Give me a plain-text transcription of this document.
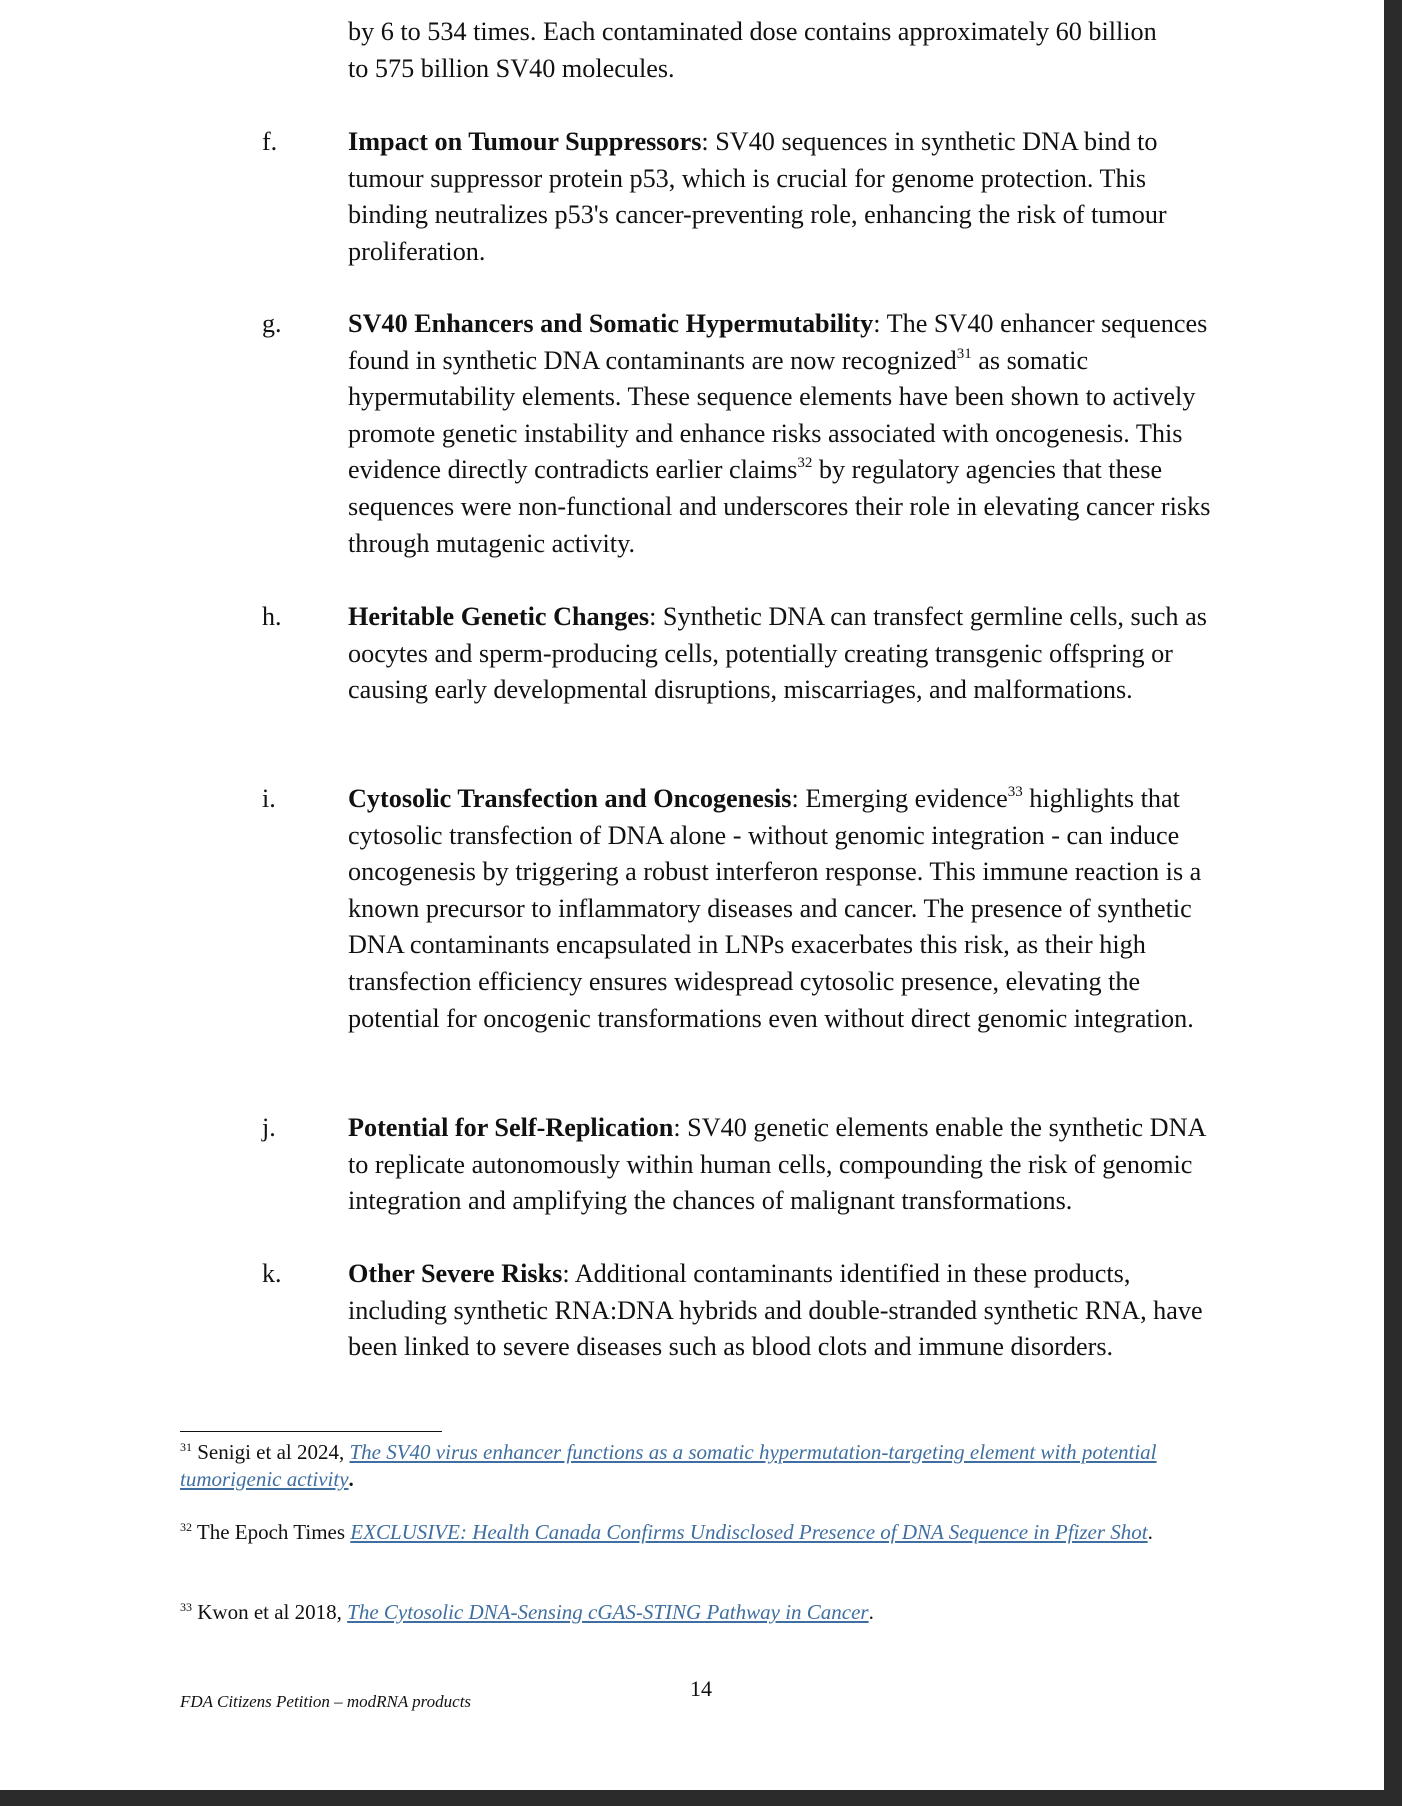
by 6 to 534 times. Each contaminated dose contains approximately 60 billion
to 575 billion SV40 molecules.
f.	Impact on Tumour Suppressors: SV40 sequences in synthetic DNA bind to tumour suppressor protein p53, which is crucial for genome protection. This binding neutralizes p53's cancer-preventing role, enhancing the risk of tumour proliferation.
g.	SV40 Enhancers and Somatic Hypermutability: The SV40 enhancer sequences found in synthetic DNA contaminants are now recognized$^{31}$ as somatic hypermutability elements. These sequence elements have been shown to actively promote genetic instability and enhance risks associated with oncogenesis. This evidence directly contradicts earlier claims$^{32}$ by regulatory agencies that these sequences were non-functional and underscores their role in elevating cancer risks through mutagenic activity.
h.	Heritable Genetic Changes: Synthetic DNA can transfect germline cells, such as oocytes and sperm-producing cells, potentially creating transgenic offspring or causing early developmental disruptions, miscarriages, and malformations.
i.	Cytosolic Transfection and Oncogenesis: Emerging evidence$^{33}$ highlights that cytosolic transfection of DNA alone - without genomic integration - can induce oncogenesis by triggering a robust interferon response. This immune reaction is a known precursor to inflammatory diseases and cancer. The presence of synthetic DNA contaminants encapsulated in LNPs exacerbates this risk, as their high transfection efficiency ensures widespread cytosolic presence, elevating the potential for oncogenic transformations even without direct genomic integration.
j.	Potential for Self-Replication: SV40 genetic elements enable the synthetic DNA to replicate autonomously within human cells, compounding the risk of genomic integration and amplifying the chances of malignant transformations.
k.	Other Severe Risks: Additional contaminants identified in these products, including synthetic RNA:DNA hybrids and double-stranded synthetic RNA, have been linked to severe diseases such as blood clots and immune disorders.
$^{31}$ Senigi et al 2024, The SV40 virus enhancer functions as a somatic hypermutation-targeting element with potential tumorigenic activity.
$^{32}$ The Epoch Times EXCLUSIVE: Health Canada Confirms Undisclosed Presence of DNA Sequence in Pfizer Shot.
$^{33}$ Kwon et al 2018, The Cytosolic DNA-Sensing cGAS-STING Pathway in Cancer.
14
FDA Citizens Petition – modRNA products
